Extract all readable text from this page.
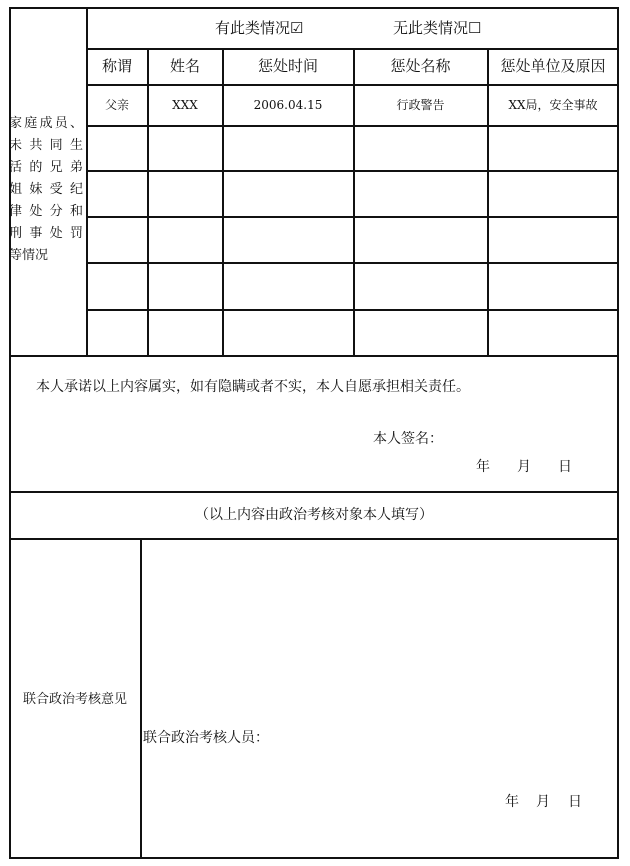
家庭成员、
未共同生
活的兄弟
姐妹受纪
律处分和
刑事处罚
等情况
有此类情况☑	无此类情况☐
称谓	姓名	惩处时间	惩处名称	惩处单位及原因
父亲	XXX	2006.04.15	行政警告	XX局，安全事故
本人承诺以上内容属实，如有隐瞒或者不实，本人自愿承担相关责任。
本人签名：
年 月 日
（以上内容由政治考核对象本人填写）
联合政治考核意见
联合政治考核人员：
年 月 日
